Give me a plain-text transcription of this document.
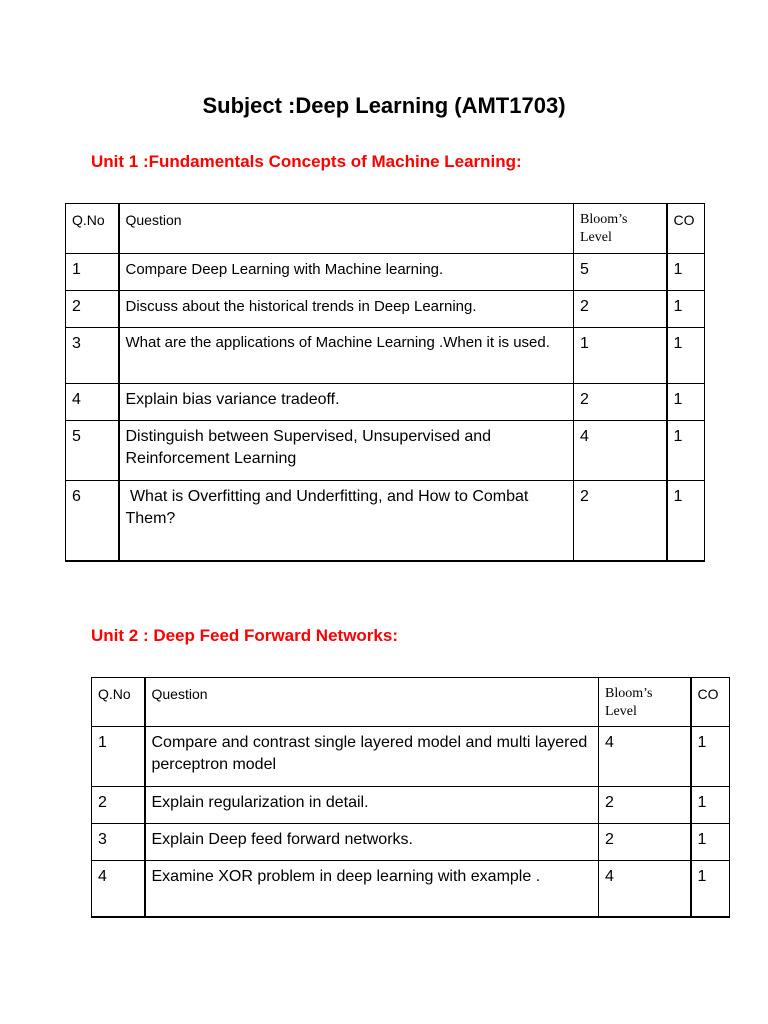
Subject :Deep Learning (AMT1703)
Unit 1 :Fundamentals Concepts of Machine Learning:
Q.No	Question	Bloom’s Level	CO
1	Compare Deep Learning with Machine learning.	5	1
2	Discuss about the historical trends in Deep Learning.	2	1
3	What are the applications of Machine Learning .When it is used.	1	1
4	Explain bias variance tradeoff.	2	1
5	Distinguish between Supervised, Unsupervised and Reinforcement Learning	4	1
6	What is Overfitting and Underfitting, and How to Combat Them?	2	1
Unit 2 : Deep Feed Forward Networks:
Q.No	Question	Bloom’s Level	CO
1	Compare and contrast single layered model and multi layered perceptron model	4	1
2	Explain regularization in detail.	2	1
3	Explain Deep feed forward networks.	2	1
4	Examine XOR problem in deep learning with example .	4	1
